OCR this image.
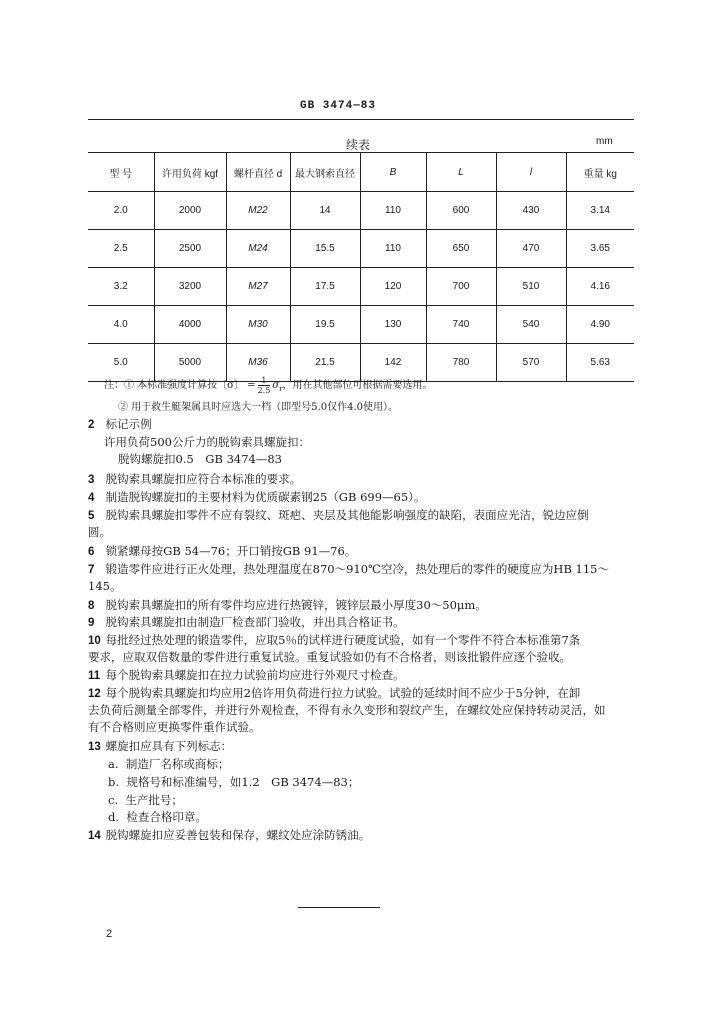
GB 3474—83
续表	mm
型 号	许用负荷 kgf	螺杆直径 d	最大钢索直径	B	L	l	重量 kg
2.0	2000	M22	14	110	600	430	3.14
2.5	2500	M24	15.5	110	650	470	3.65
3.2	3200	M27	17.5	120	700	510	4.16
4.0	4000	M30	19.5	130	740	540	4.90
5.0	5000	M36	21.5	142	780	570	5.63
注：① 本标准强度计算按〔σ〕 = $\frac{1}{2.5} \sigma_r$，用在其他部位可根据需要选用。
② 用于救生艇架属具时应选大一档（即型号5.0仅作4.0使用）。
2 标记示例
许用负荷500公斤力的脱钩索具螺旋扣：
脱钩螺旋扣0.5　GB 3474—83
3 脱钩索具螺旋扣应符合本标准的要求。
4 制造脱钩螺旋扣的主要材料为优质碳素钢25（GB 699—65）。
5 脱钩索具螺旋扣零件不应有裂纹、斑疤、夹层及其他能影响强度的缺陷，表面应光洁，锐边应倒
圆。
6 锁紧螺母按GB 54—76；开口销按GB 91—76。
7 锻造零件应进行正火处理，热处理温度在870～910℃空冷，热处理后的零件的硬度应为HB 115～
145。
8 脱钩索具螺旋扣的所有零件均应进行热镀锌，镀锌层最小厚度30～50μm。
9 脱钩索具螺旋扣由制造厂检查部门验收，并出具合格证书。
10 每批经过热处理的锻造零件，应取5％的试样进行硬度试验，如有一个零件不符合本标准第7条
要求，应取双倍数量的零件进行重复试验。重复试验如仍有不合格者，则该批锻件应逐个验收。
11 每个脱钩索具螺旋扣在拉力试验前均应进行外观尺寸检查。
12 每个脱钩索具螺旋扣均应用2倍许用负荷进行拉力试验。试验的延续时间不应少于5分钟，在卸
去负荷后测量全部零件，并进行外观检查，不得有永久变形和裂纹产生，在螺纹处应保持转动灵活，如
有不合格则应更换零件重作试验。
13 螺旋扣应具有下列标志：
a. 制造厂名称或商标；
b. 规格号和标准编号，如1.2　GB 3474—83；
c. 生产批号；
d. 检查合格印章。
14 脱钩螺旋扣应妥善包装和保存，螺纹处应涂防锈油。
2
